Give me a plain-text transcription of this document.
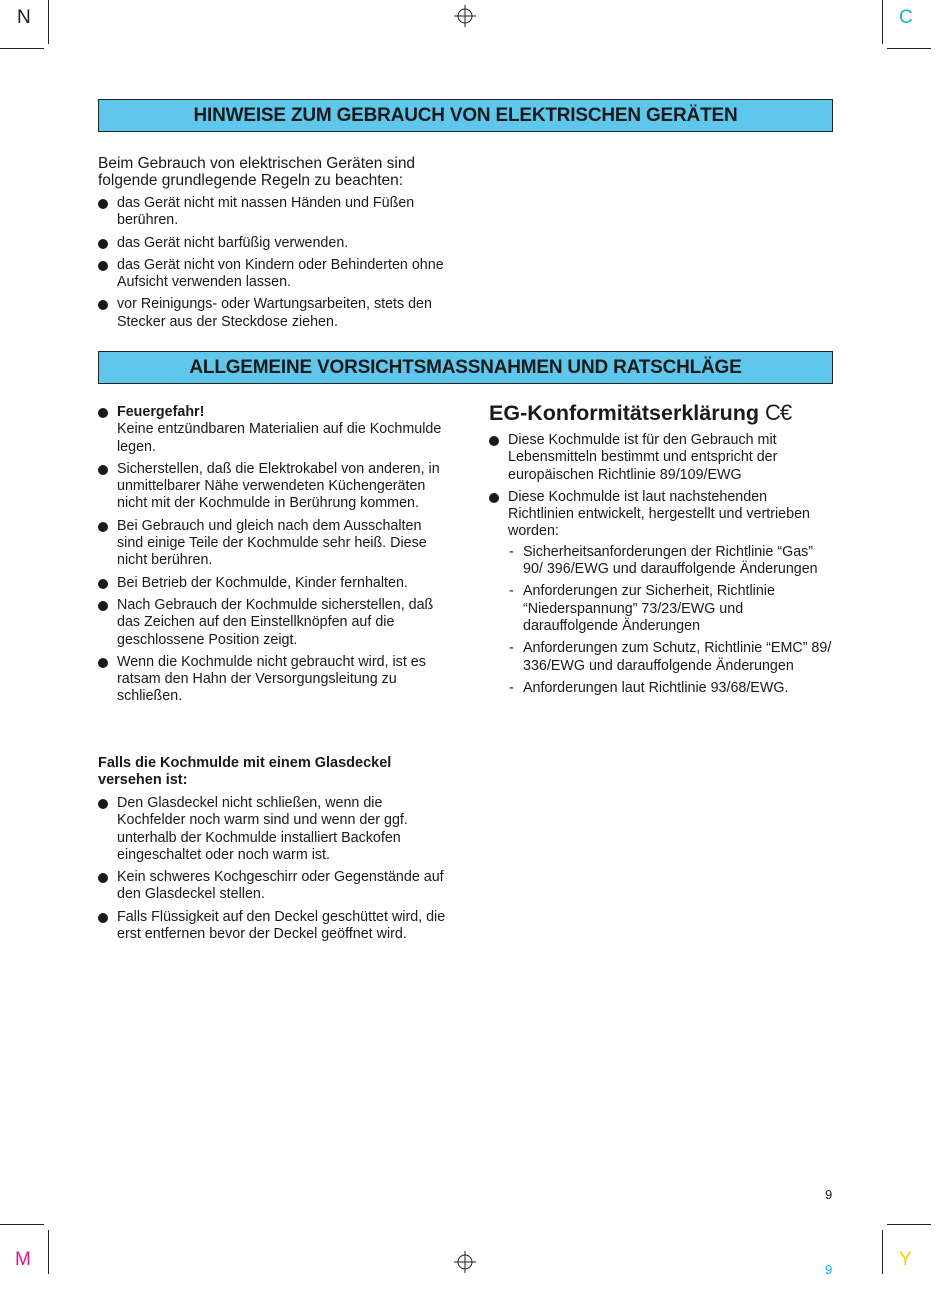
N	C
M	Y
HINWEISE ZUM GEBRAUCH VON ELEKTRISCHEN GERÄTEN
Beim Gebrauch von elektrischen Geräten sind folgende grundlegende Regeln zu beachten:
das Gerät nicht mit nassen Händen und Füßen berühren.
das Gerät nicht barfüßig verwenden.
das Gerät nicht von Kindern oder Behinderten ohne Aufsicht verwenden lassen.
vor Reinigungs- oder Wartungsarbeiten, stets den Stecker aus der Steckdose ziehen.
ALLGEMEINE VORSICHTSMASSNAHMEN UND RATSCHLÄGE
Feuergefahr!
Keine entzündbaren Materialien auf die Kochmulde legen.
Sicherstellen, daß die Elektrokabel von anderen, in unmittelbarer Nähe verwendeten Küchengeräten nicht mit der Kochmulde in Berührung kommen.
Bei Gebrauch und gleich nach dem Ausschalten sind einige Teile der Kochmulde sehr heiß. Diese nicht berühren.
Bei Betrieb der Kochmulde, Kinder fernhalten.
Nach Gebrauch der Kochmulde sicherstellen, daß das Zeichen auf den Einstellknöpfen auf die geschlossene Position zeigt.
Wenn die Kochmulde nicht gebraucht wird, ist es ratsam den Hahn der Versorgungsleitung zu schließen.
EG-Konformitätserklärung C€
Diese Kochmulde ist für den Gebrauch mit Lebensmitteln bestimmt und entspricht der europäischen Richtlinie 89/109/EWG
Diese Kochmulde ist laut nachstehenden Richtlinien entwickelt, hergestellt und vertrieben worden:
- Sicherheitsanforderungen der Richtlinie “Gas” 90/ 396/EWG und darauffolgende Änderungen
- Anforderungen zur Sicherheit, Richtlinie “Niederspannung” 73/23/EWG und darauffolgende Änderungen
- Anforderungen zum Schutz, Richtlinie “EMC” 89/ 336/EWG und darauffolgende Änderungen
- Anforderungen laut Richtlinie 93/68/EWG.
Falls die Kochmulde mit einem Glasdeckel versehen ist:
Den Glasdeckel nicht schließen, wenn die Kochfelder noch warm sind und wenn der ggf. unterhalb der Kochmulde installiert Backofen eingeschaltet oder noch warm ist.
Kein schweres Kochgeschirr oder Gegenstände auf den Glasdeckel stellen.
Falls Flüssigkeit auf den Deckel geschüttet wird, die erst entfernen bevor der Deckel geöffnet wird.
9
9
